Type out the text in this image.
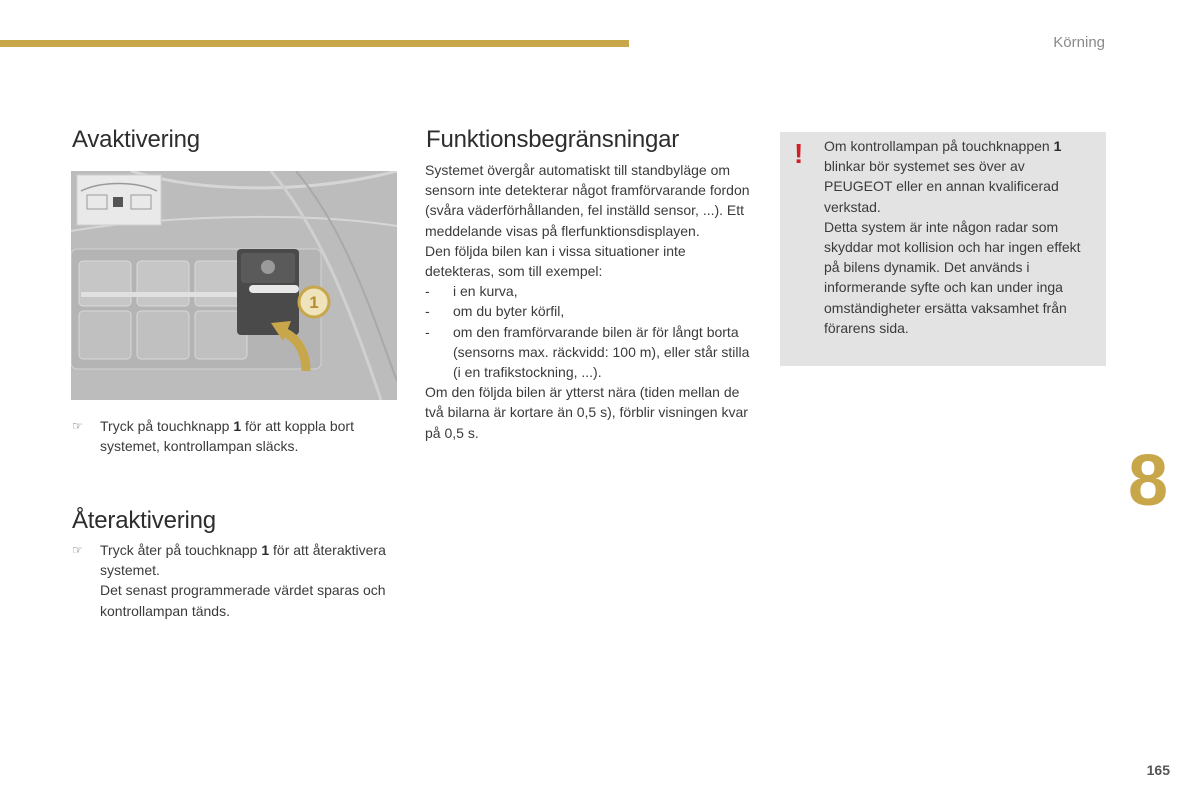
Körning
Avaktivering
1
☞	Tryck på touchknapp 1 för att koppla bort systemet, kontrollampan släcks.
Återaktivering
☞	Tryck åter på touchknapp 1 för att återaktivera systemet.
Det senast programmerade värdet sparas och kontrollampan tänds.
Funktionsbegränsningar

Systemet övergår automatiskt till standbyläge om sensorn inte detekterar något framförvarande fordon (svåra väderförhållanden, fel inställd sensor, ...). Ett meddelande visas på flerfunktionsdisplayen.

Den följda bilen kan i vissa situationer inte detekteras, som till exempel:

-	i en kurva,
-	om du byter körfil,
-	om den framförvarande bilen är för långt borta (sensorns max. räckvidd: 100 m), eller står stilla (i en trafikstockning, ...).

Om den följda bilen är ytterst nära (tiden mellan de två bilarna är kortare än 0,5 s), förblir visningen kvar på 0,5 s.

! Om kontrollampan på touchknappen 1 blinkar bör systemet ses över av PEUGEOT eller en annan kvalificerad verkstad.

Detta system är inte någon radar som skyddar mot kollision och har ingen effekt på bilens dynamik. Det används i informerande syfte och kan under inga omständigheter ersätta vaksamhet från förarens sida.

8
165
